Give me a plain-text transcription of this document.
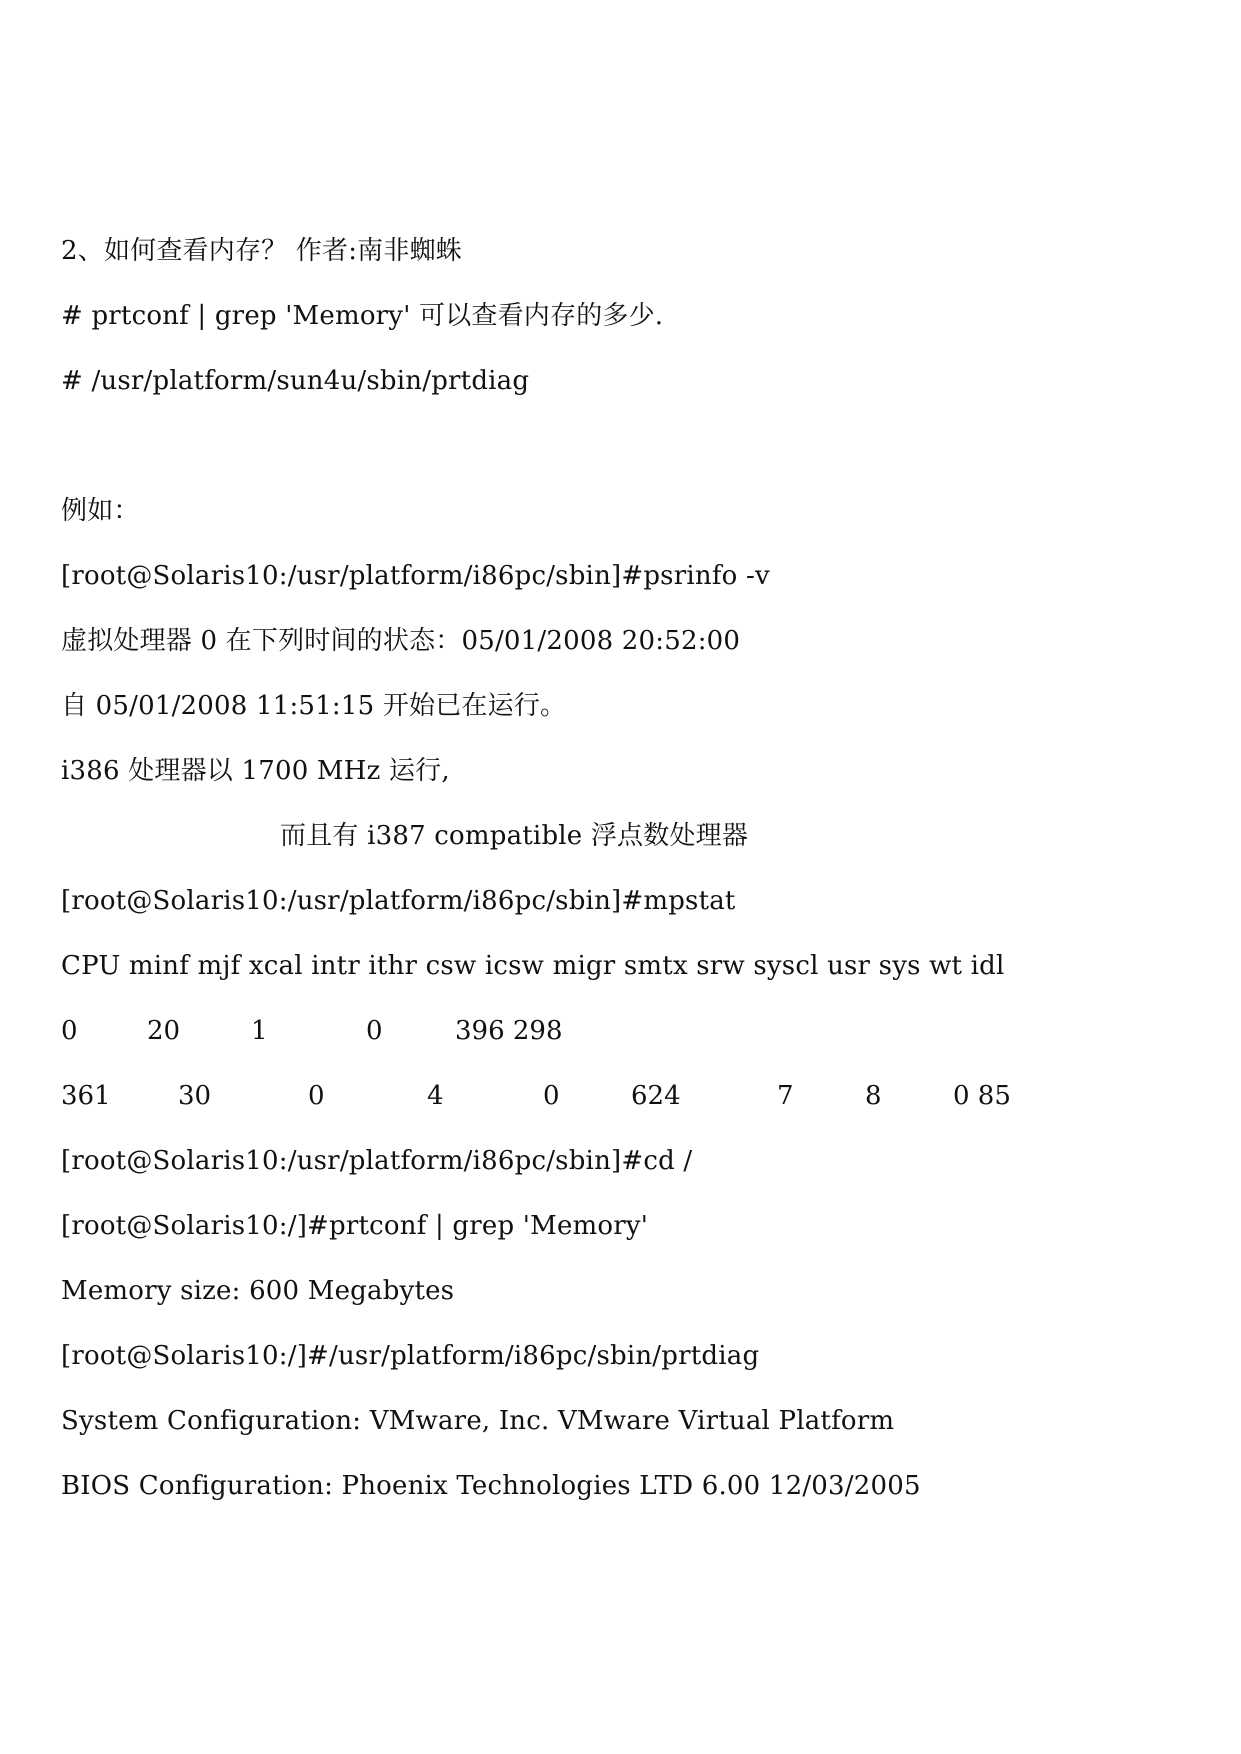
2、如何查看内存？ 作者:南非蜘蛛
# prtconf | grep 'Memory' 可以查看内存的多少.
# /usr/platform/sun4u/sbin/prtdiag
例如：
[root@Solaris10:/usr/platform/i86pc/sbin]#psrinfo -v
虚拟处理器 0 在下列时间的状态：05/01/2008 20:52:00
自 05/01/2008 11:51:15 开始已在运行。
i386 处理器以 1700 MHz 运行,
而且有 i387 compatible 浮点数处理器
[root@Solaris10:/usr/platform/i86pc/sbin]#mpstat
CPU minf mjf xcal intr ithr csw icsw migr smtx srw syscl usr sys wt idl
0	20	1	0	396 298
361	30	0	4	0	624	7	8	0 85
[root@Solaris10:/usr/platform/i86pc/sbin]#cd /
[root@Solaris10:/]#prtconf | grep 'Memory'
Memory size: 600 Megabytes
[root@Solaris10:/]#/usr/platform/i86pc/sbin/prtdiag
System Configuration: VMware, Inc. VMware Virtual Platform
BIOS Configuration: Phoenix Technologies LTD 6.00 12/03/2005
